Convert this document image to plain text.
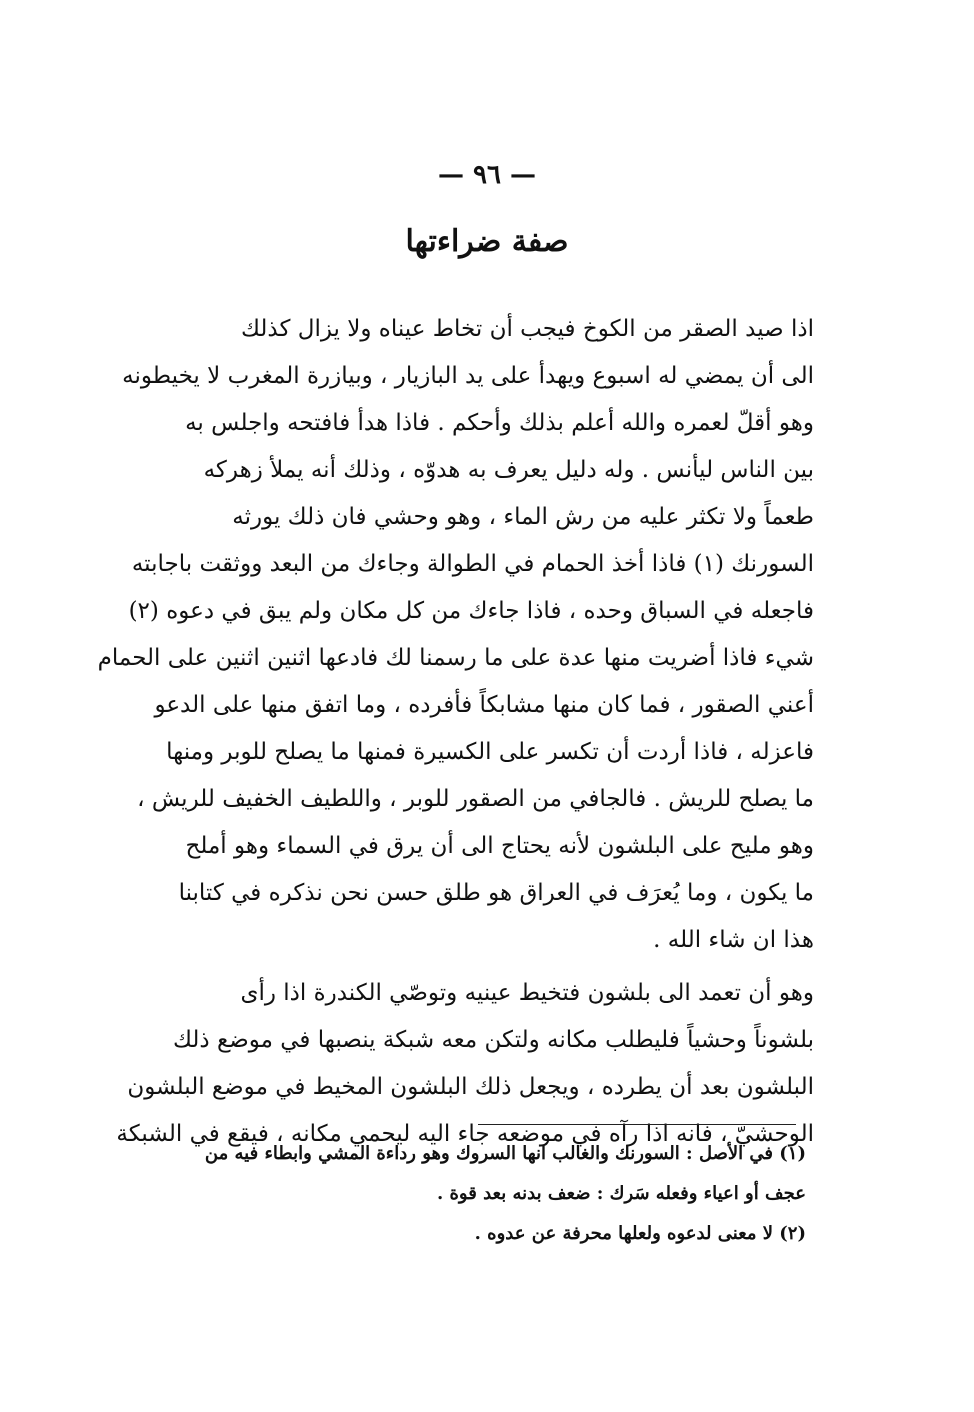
— ٩٦ —
صفة ضراءتها
اذا صيد الصقر من الكوخ فيجب أن تخاط عيناه ولا يزال كذلك
الى أن يمضي له اسبوع ويهدأ على يد البازيار ، وبيازرة المغرب لا يخيطونه
وهو أقلّ لعمره والله أعلم بذلك وأحكم . فاذا هدأ فافتحه واجلس به
بين الناس ليأنس . وله دليل يعرف به هدوّه ، وذلك أنه يملأ زهركه
طعماً ولا تكثر عليه من رش الماء ، وهو وحشي فان ذلك يورثه
السورنك (١) فاذا أخذ الحمام في الطوالة وجاءك من البعد ووثقت باجابته
فاجعله في السباق وحده ، فاذا جاءك من كل مكان ولم يبق في دعوه (٢)
شيء فاذا أضريت منها عدة على ما رسمنا لك فادعها اثنين اثنين على الحمام
أعني الصقور ، فما كان منها مشابكاً فأفرده ، وما اتفق منها على الدعو
فاعزله ، فاذا أردت أن تكسر على الكسيرة فمنها ما يصلح للوبر ومنها
ما يصلح للريش . فالجافي من الصقور للوبر ، واللطيف الخفيف للريش ،
وهو مليح على البلشون لأنه يحتاج الى أن يرق في السماء وهو أملح
ما يكون ، وما يُعرَف في العراق هو طلق حسن نحن نذكره في كتابنا
هذا ان شاء الله .
وهو أن تعمد الى بلشون فتخيط عينيه وتوصّي الكندرة اذا رأى
بلشوناً وحشياً فليطلب مكانه ولتكن معه شبكة ينصبها في موضع ذلك
البلشون بعد أن يطرده ، ويجعل ذلك البلشون المخيط في موضع البلشون
الوحشيّ ، فانه اذا رآه في موضعه جاء اليه ليحمي مكانه ، فيقع في الشبكة
(١) في الأصل : السورنك والغالب انها السروك وهو رداءة المشي وابطاء فيه من
عجف أو اعياء وفعله سَرك : ضعف بدنه بعد قوة .
(٢) لا معنى لدعوه ولعلها محرفة عن عدوه .
